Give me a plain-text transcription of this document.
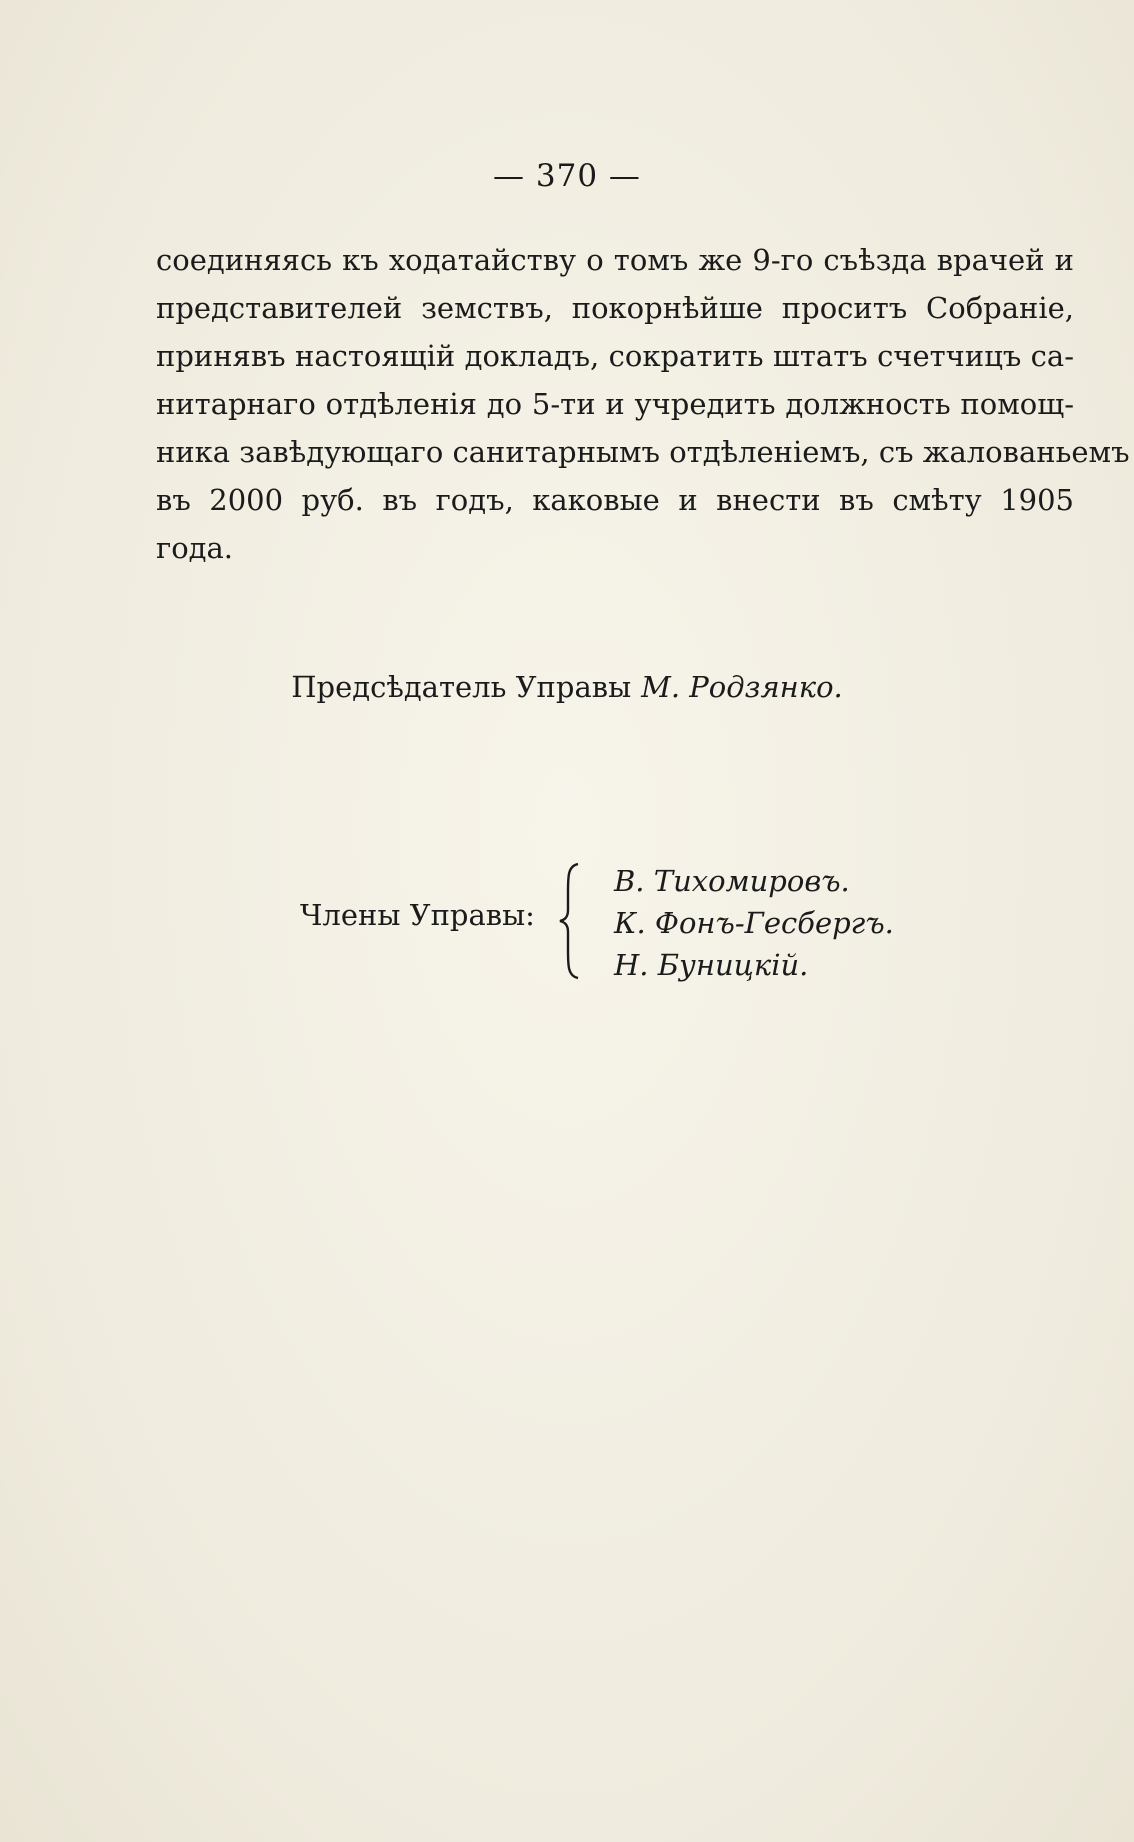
— 370 —
соединяясь къ ходатайству о томъ же 9-го съѣзда врачей и
представителей земствъ, покорнѣйше проситъ Собраніе,
принявъ настоящій докладъ, сократить штатъ счетчицъ са-
нитарнаго отдѣленія до 5-ти и учредить должность помощ-
ника завѣдующаго санитарнымъ отдѣленіемъ, съ жалованьемъ
въ 2000 руб. въ годъ, каковые и внести въ смѣту 1905
года.
Предсѣдатель Управы М. Родзянко.
Члены Управы:
В. Тихомировъ.
К. Фонъ-Гесбергъ.
Н. Буницкій.
